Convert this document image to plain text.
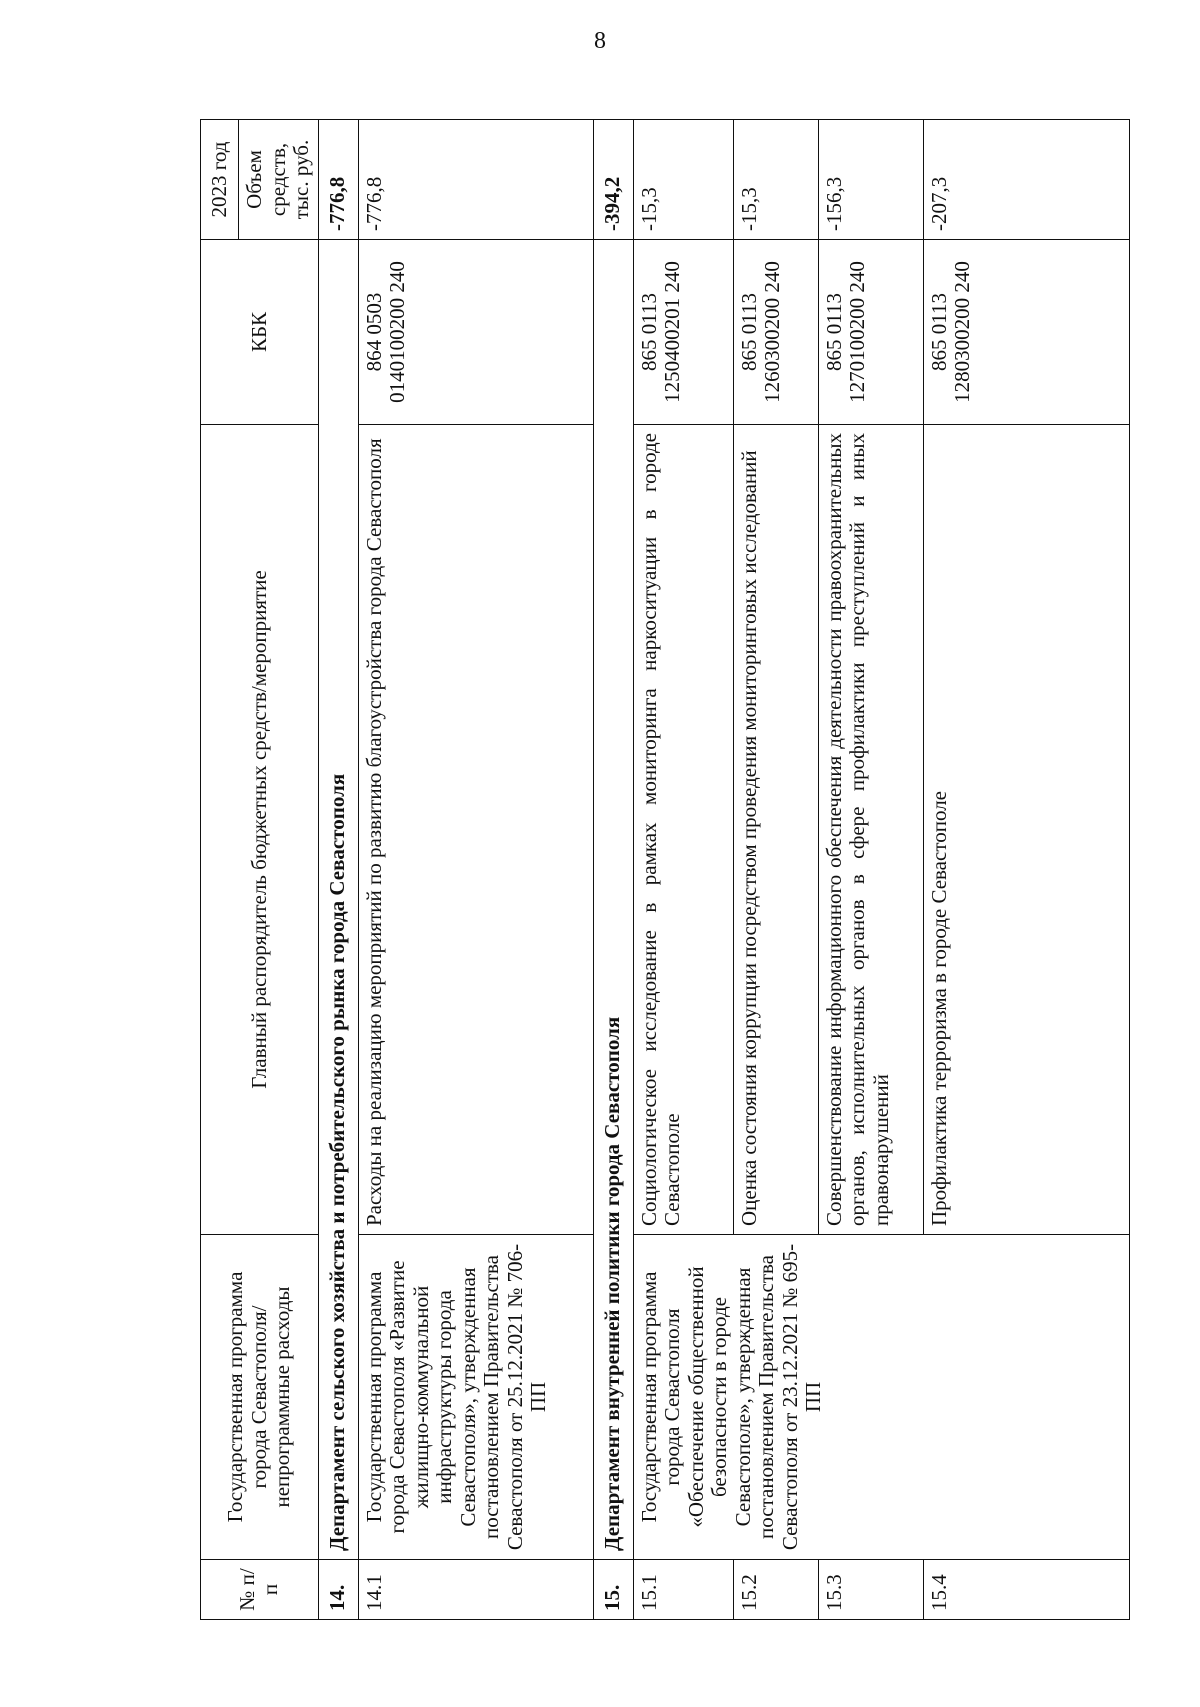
8
№ п/п	Государственная программа города Севастополя/ непрограммные расходы	Главный распорядитель бюджетных средств/мероприятие	КБК	2023 год
				Объем средств, тыс. руб.
14.	Департамент сельского хозяйства и потребительского рынка города Севастополя			-776,8
14.1	Государственная программа города Севастополя «Развитие жилищно-коммунальной инфраструктуры города Севастополя», утвержденная постановлением Правительства Севастополя от 25.12.2021 № 706-ПП	Расходы на реализацию мероприятий по развитию благоустройства города Севастополя	864 0503 0140100200 240	-776,8
15.	Департамент внутренней политики города Севастополя			-394,2
15.1	Государственная программа города Севастополя «Обеспечение общественной безопасности в городе Севастополе», утвержденная постановлением Правительства Севастополя от 23.12.2021 № 695-ПП	Социологическое исследование в рамках мониторинга наркоситуации в городе Севастополе	865 0113 1250400201 240	-15,3
15.2		Оценка состояния коррупции посредством проведения мониторинговых исследований	865 0113 1260300200 240	-15,3
15.3		Совершенствование информационного обеспечения деятельности правоохранительных органов, исполнительных органов в сфере профилактики преступлений и иных правонарушений	865 0113 1270100200 240	-156,3
15.4		Профилактика терроризма в городе Севастополе	865 0113 1280300200 240	-207,3
